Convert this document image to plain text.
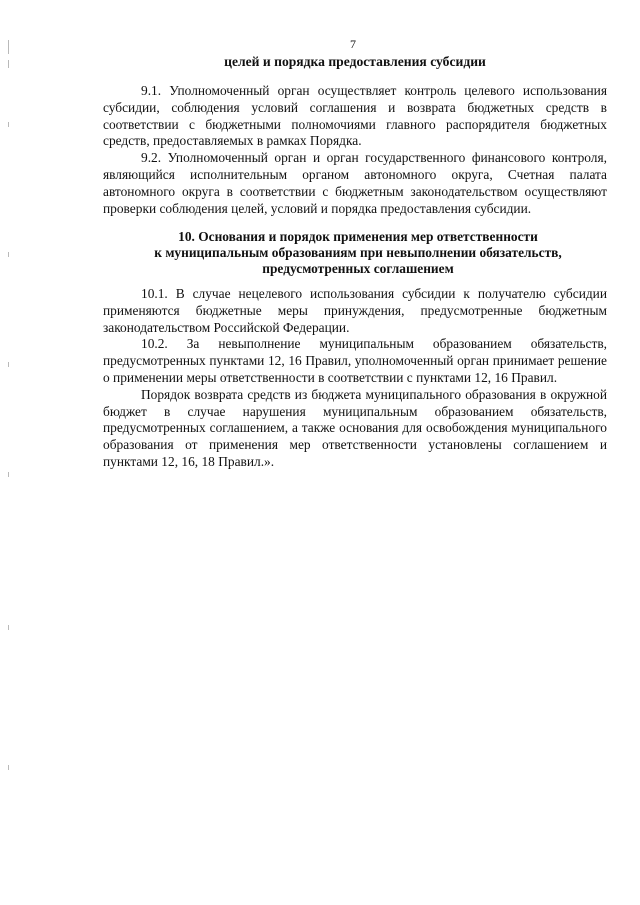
7
целей и порядка предоставления субсидии

9.1. Уполномоченный орган осуществляет контроль целевого использования субсидии, соблюдения условий соглашения и возврата бюджетных средств в соответствии с бюджетными полномочиями главного распорядителя бюджетных средств, предоставляемых в рамках Порядка.

9.2. Уполномоченный орган и орган государственного финансового контроля, являющийся исполнительным органом автономного округа, Счетная палата автономного округа в соответствии с бюджетным законодательством осуществляют проверки соблюдения целей, условий и порядка предоставления субсидии.

10. Основания и порядок применения мер ответственности
к муниципальным образованиям при невыполнении обязательств,
предусмотренных соглашением

10.1. В случае нецелевого использования субсидии к получателю субсидии применяются бюджетные меры принуждения, предусмотренные бюджетным законодательством Российской Федерации.

10.2. За невыполнение муниципальным образованием обязательств, предусмотренных пунктами 12, 16 Правил, уполномоченный орган принимает решение о применении меры ответственности в соответствии с пунктами 12, 16 Правил.

Порядок возврата средств из бюджета муниципального образования в окружной бюджет в случае нарушения муниципальным образованием обязательств, предусмотренных соглашением, а также основания для освобождения муниципального образования от применения мер ответственности установлены соглашением и пунктами 12, 16, 18 Правил.».
